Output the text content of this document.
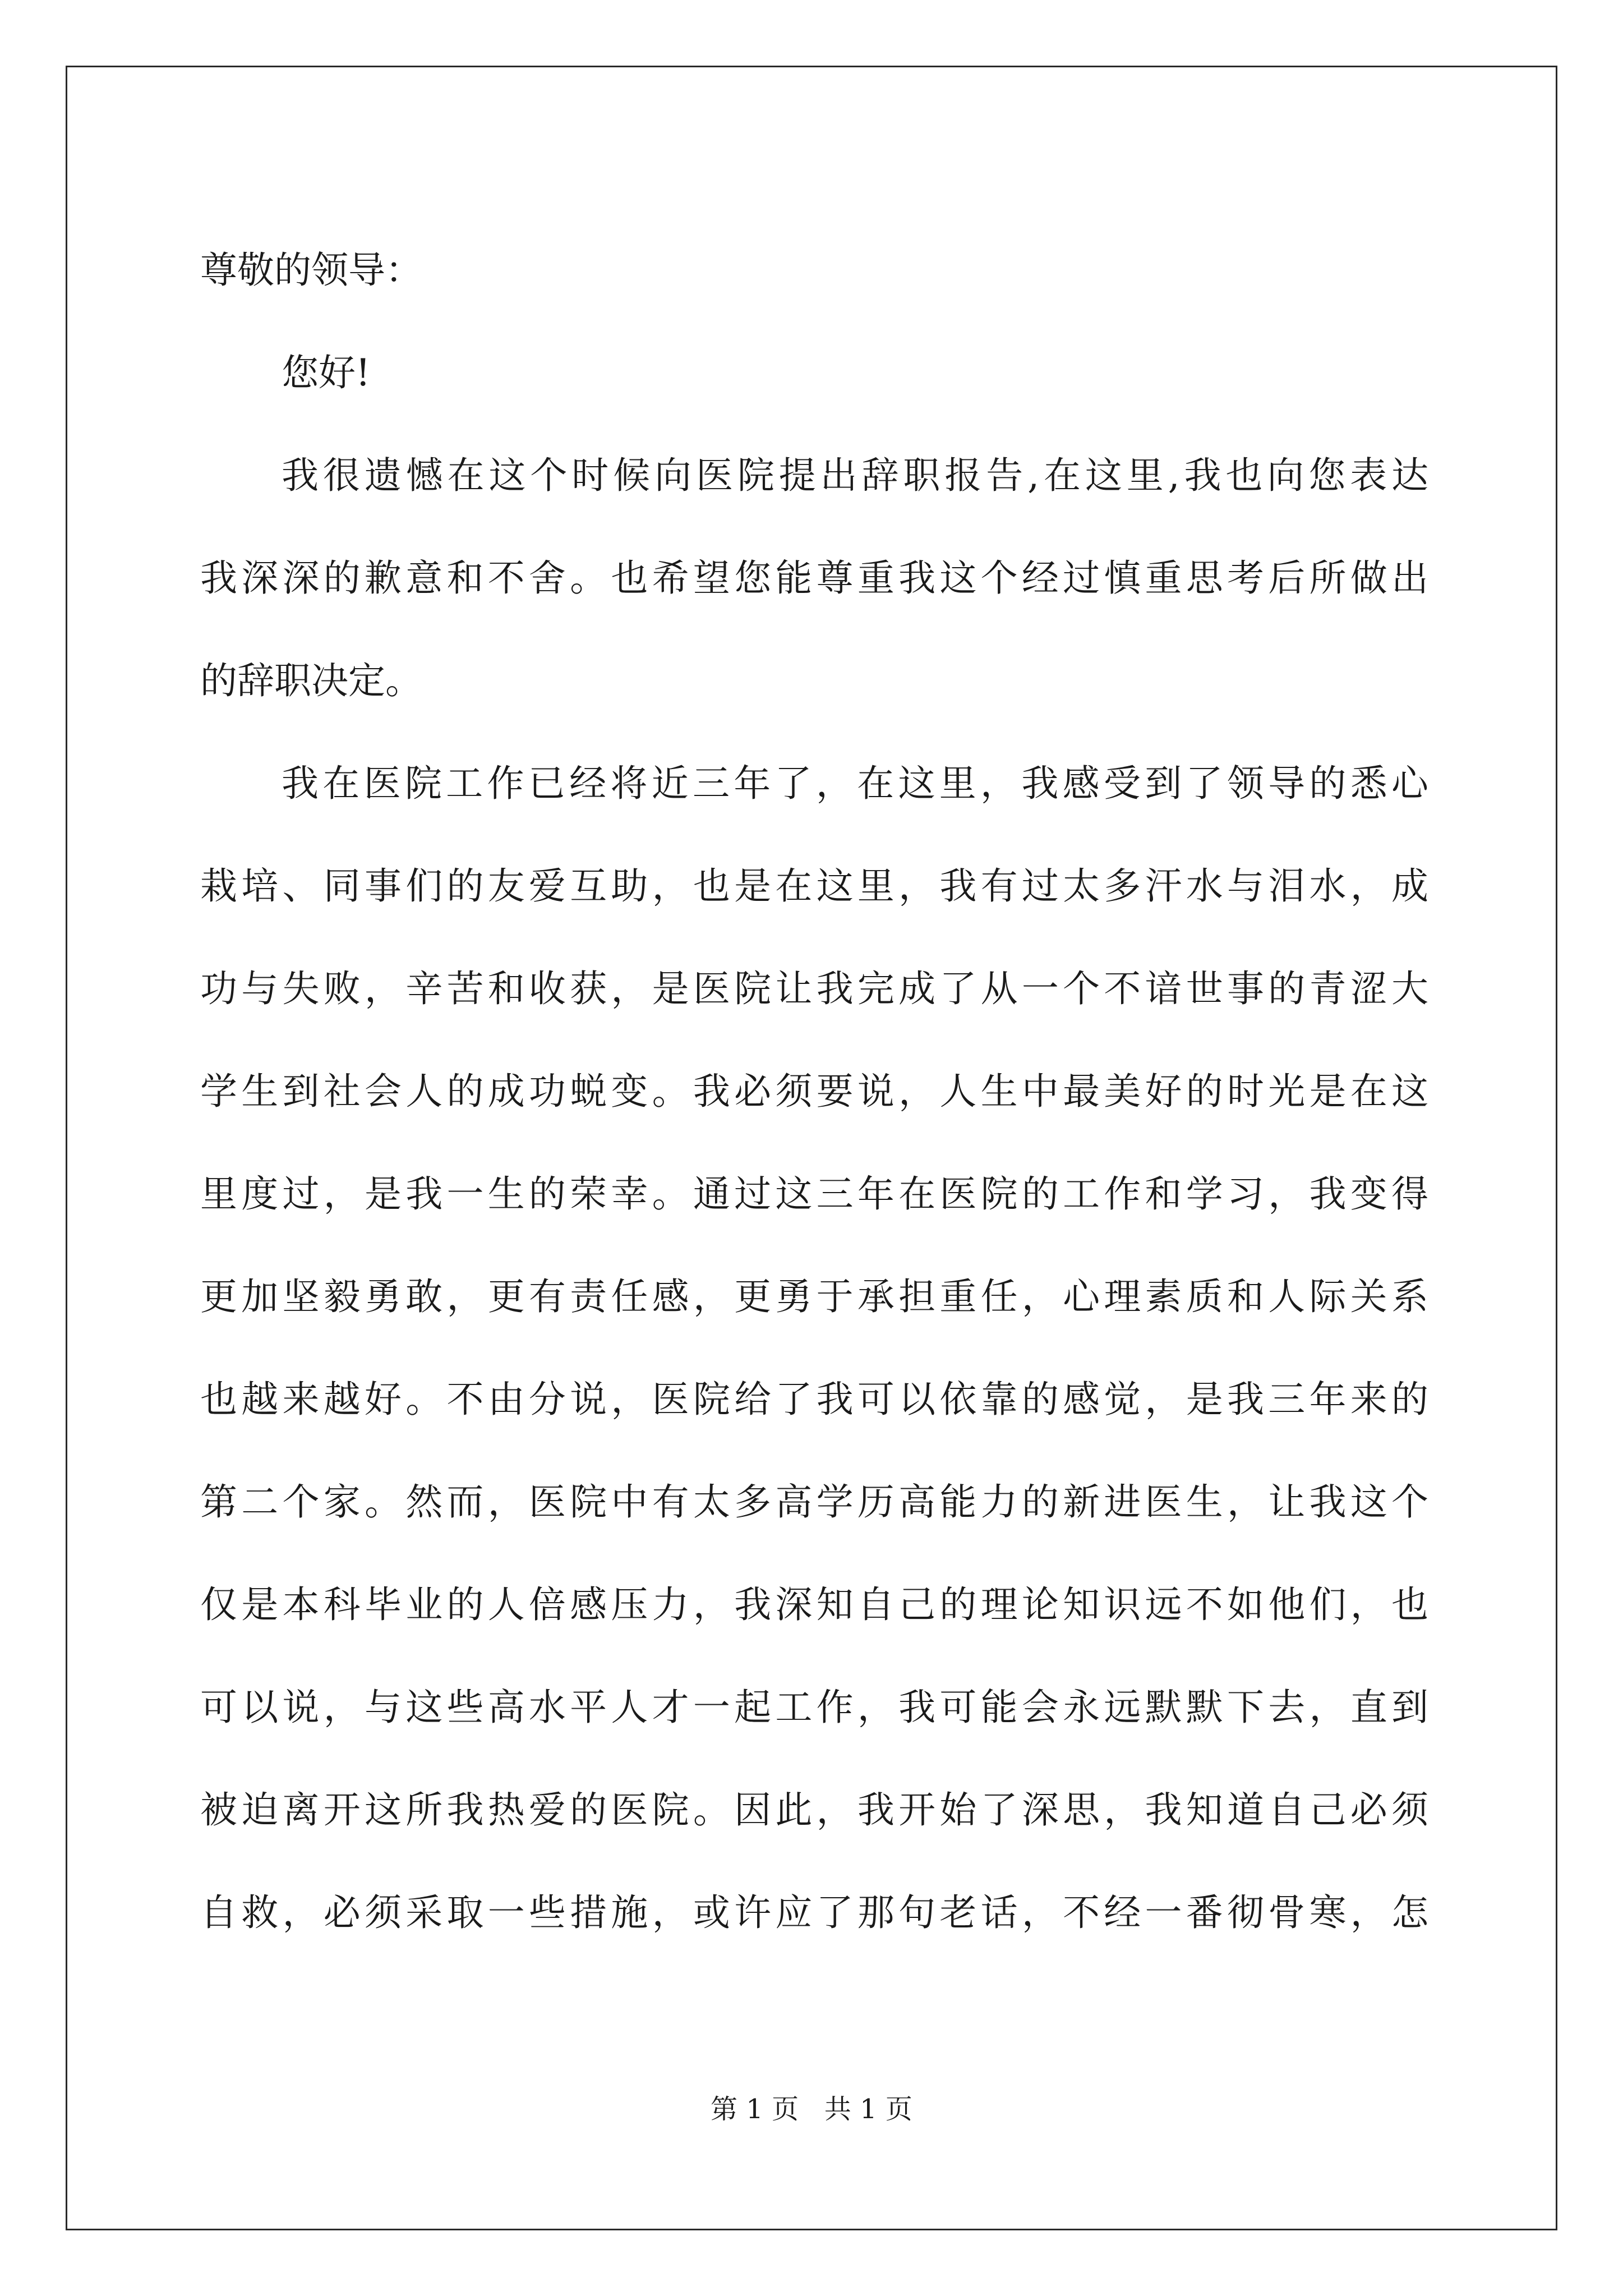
尊敬的领导：
您好!
我很遗憾在这个时候向医院提出辞职报告,在这里,我也向您表达
我深深的歉意和不舍。也希望您能尊重我这个经过慎重思考后所做出
的辞职决定。
我在医院工作已经将近三年了，在这里，我感受到了领导的悉心
栽培、同事们的友爱互助，也是在这里，我有过太多汗水与泪水，成
功与失败，辛苦和收获，是医院让我完成了从一个不谙世事的青涩大
学生到社会人的成功蜕变。我必须要说，人生中最美好的时光是在这
里度过，是我一生的荣幸。通过这三年在医院的工作和学习，我变得
更加坚毅勇敢，更有责任感，更勇于承担重任，心理素质和人际关系
也越来越好。不由分说，医院给了我可以依靠的感觉，是我三年来的
第二个家。然而，医院中有太多高学历高能力的新进医生，让我这个
仅是本科毕业的人倍感压力，我深知自己的理论知识远不如他们，也
可以说，与这些高水平人才一起工作，我可能会永远默默下去，直到
被迫离开这所我热爱的医院。因此，我开始了深思，我知道自己必须
自救，必须采取一些措施，或许应了那句老话，不经一番彻骨寒，怎
第 1 页   共 1 页
